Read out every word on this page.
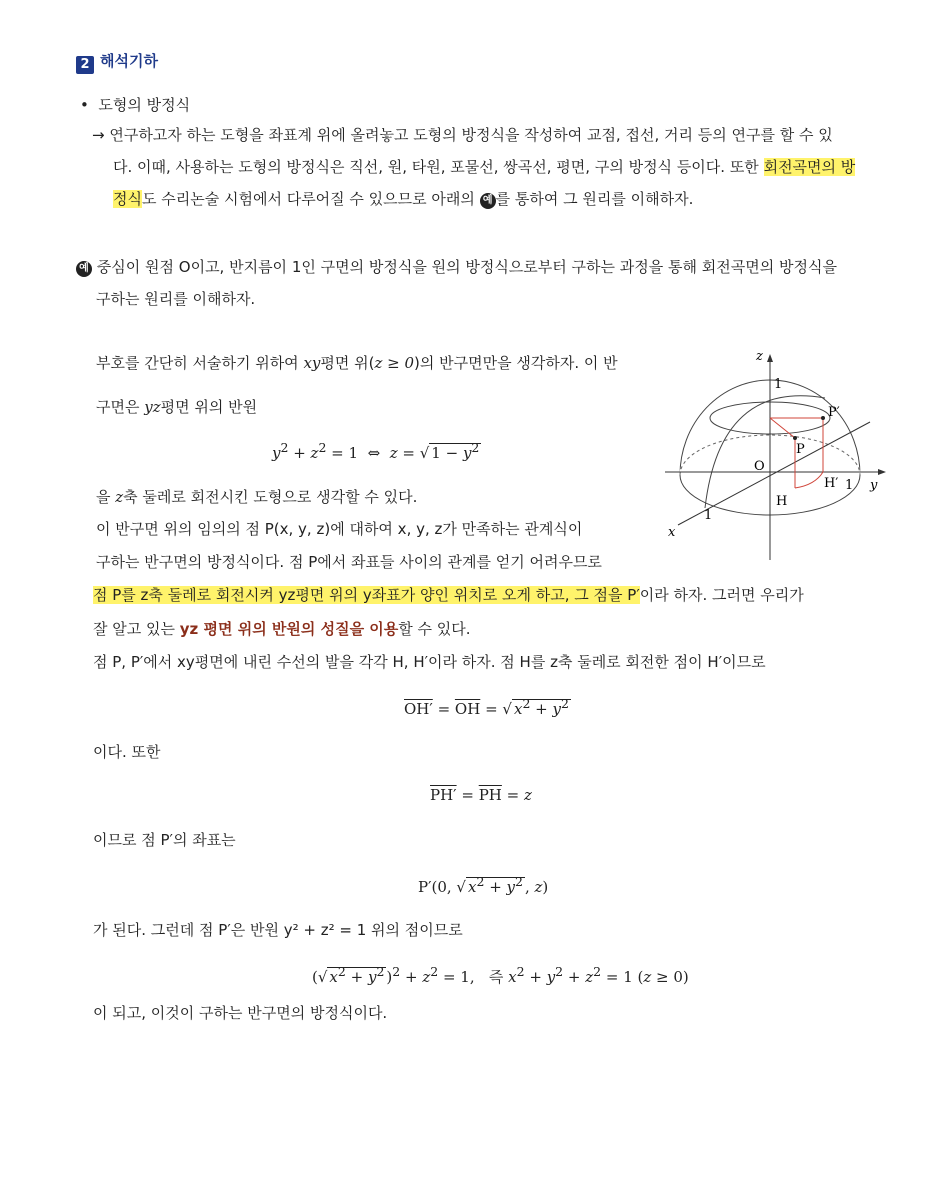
2 해석기하
•  도형의 방정식
→ 연구하고자 하는 도형을 좌표계 위에 올려놓고 도형의 방정식을 작성하여 교점, 접선, 거리 등의 연구를 할 수 있
다. 이때, 사용하는 도형의 방정식은 직선, 원, 타원, 포물선, 쌍곡선, 평면, 구의 방정식 등이다. 또한 회전곡면의 방
정식도 수리논술 시험에서 다루어질 수 있으므로 아래의 예 를 통하여 그 원리를 이해하자.
예 중심이 원점 O이고, 반지름이 1인 구면의 방정식을 원의 방정식으로부터 구하는 과정을 통해 회전곡면의 방정식을
구하는 원리를 이해하자.
부호를 간단히 서술하기 위하여 xy평면 위(z ≥ 0)의 반구면만을 생각하자. 이 반
구면은 yz평면 위의 반원
$y^2 + z^2 = 1$  ⇔  z = √ $1 - y^2$
을 z축 둘레로 회전시킨 도형으로 생각할 수 있다.
이 반구면 위의 임의의 점 P(x, y, z)에 대하여 x, y, z가 만족하는 관계식이
구하는 반구면의 방정식이다. 점 P에서 좌표들 사이의 관계를 얻기 어려우므로
점 P를 z축 둘레로 회전시켜 yz평면 위의 y좌표가 양인 위치로 오게 하고, 그 점을 P′이라 하자. 그러면 우리가
잘 알고 있는 yz 평면 위의 반원의 성질을 이용할 수 있다.
점 P, P′에서 xy평면에 내린 수선의 발을 각각 H, H′이라 하자. 점 H를 z축 둘레로 회전한 점이 H′이므로
$OH' = \overline{OH}$ = √ $x^2 + y^2$
이다. 또한
$PH' = \overline{PH} = z$
이므로 점 P′의 좌표는
P′(0, √ $x^2 + y^2$ , z)
가 된다. 그런데 점 P′은 반원 y² + z² = 1 위의 점이므로
(√ $x^2 + y^2$ )$^2 + z^2 = 1$,   즉 $x^2 + y^2 + z^2 = 1$ (z ≥ 0)
이 되고, 이것이 구하는 반구면의 방정식이다.
z
1
P′
P
O
H′ 1 y
H
1
x
